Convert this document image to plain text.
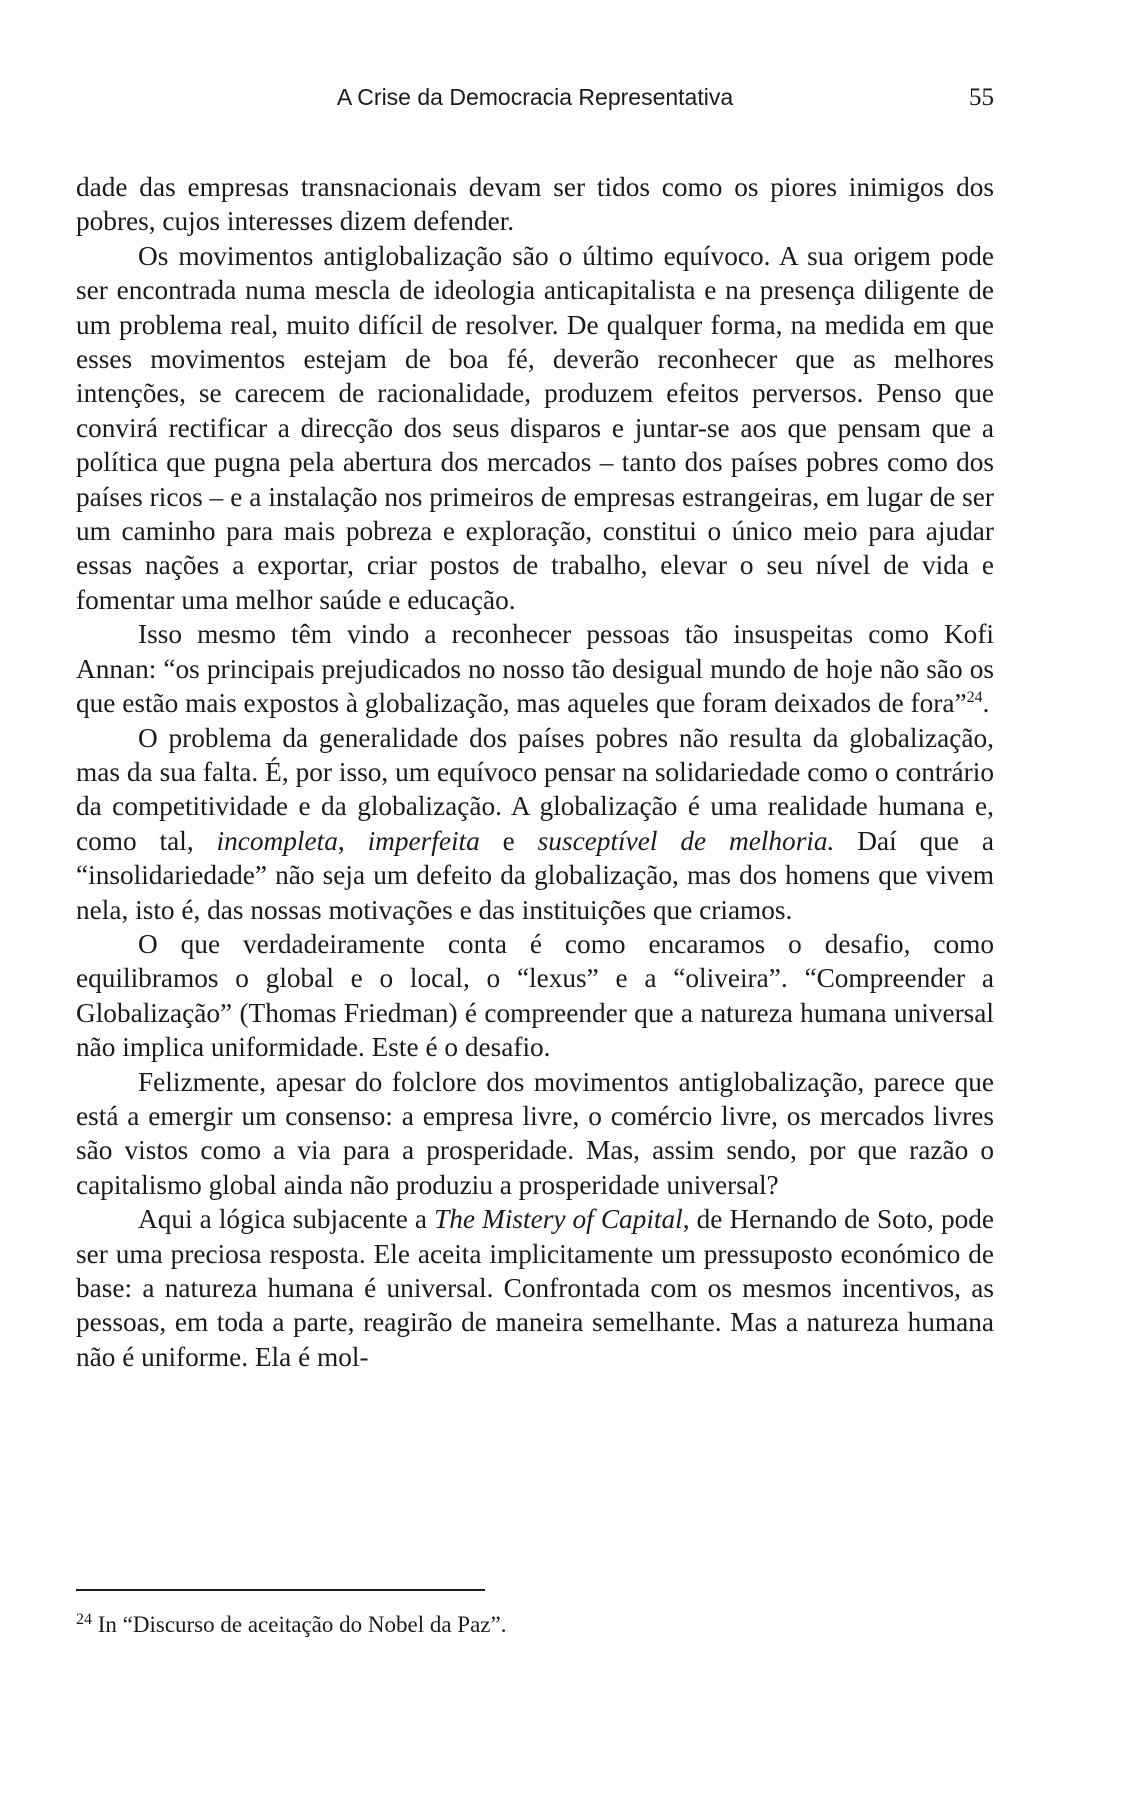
A Crise da Democracia Representativa	55

dade das empresas transnacionais devam ser tidos como os piores inimigos dos pobres, cujos interesses dizem defender.

Os movimentos antiglobalização são o último equívoco. A sua origem pode ser encontrada numa mescla de ideologia anticapitalista e na presença diligente de um problema real, muito difícil de resolver. De qualquer forma, na medida em que esses movimentos estejam de boa fé, deverão reconhecer que as melhores intenções, se carecem de racionalidade, produzem efeitos perversos. Penso que convirá rectificar a direcção dos seus disparos e juntar-se aos que pensam que a política que pugna pela abertura dos mercados – tanto dos países pobres como dos países ricos – e a instalação nos primeiros de empresas estrangeiras, em lugar de ser um caminho para mais pobreza e exploração, constitui o único meio para ajudar essas nações a exportar, criar postos de trabalho, elevar o seu nível de vida e fomentar uma melhor saúde e educação.

Isso mesmo têm vindo a reconhecer pessoas tão insuspeitas como Kofi Annan: “os principais prejudicados no nosso tão desigual mundo de hoje não são os que estão mais expostos à globalização, mas aqueles que foram deixados de fora”$^{24}$.

O problema da generalidade dos países pobres não resulta da globalização, mas da sua falta. É, por isso, um equívoco pensar na solidariedade como o contrário da competitividade e da globalização. A globalização é uma realidade humana e, como tal, incompleta, imperfeita e susceptível de melhoria. Daí que a “insolidariedade” não seja um defeito da globalização, mas dos homens que vivem nela, isto é, das nossas motivações e das instituições que criamos.

O que verdadeiramente conta é como encaramos o desafio, como equilibramos o global e o local, o “lexus” e a “oliveira”. “Compreender a Globalização” (Thomas Friedman) é compreender que a natureza humana universal não implica uniformidade. Este é o desafio.

Felizmente, apesar do folclore dos movimentos antiglobalização, parece que está a emergir um consenso: a empresa livre, o comércio livre, os mercados livres são vistos como a via para a prosperidade. Mas, assim sendo, por que razão o capitalismo global ainda não produziu a prosperidade universal?

Aqui a lógica subjacente a The Mistery of Capital, de Hernando de Soto, pode ser uma preciosa resposta. Ele aceita implicitamente um pressuposto económico de base: a natureza humana é universal. Confrontada com os mesmos incentivos, as pessoas, em toda a parte, reagirão de maneira semelhante. Mas a natureza humana não é uniforme. Ela é mol-

$^{24}$ In “Discurso de aceitação do Nobel da Paz”.
